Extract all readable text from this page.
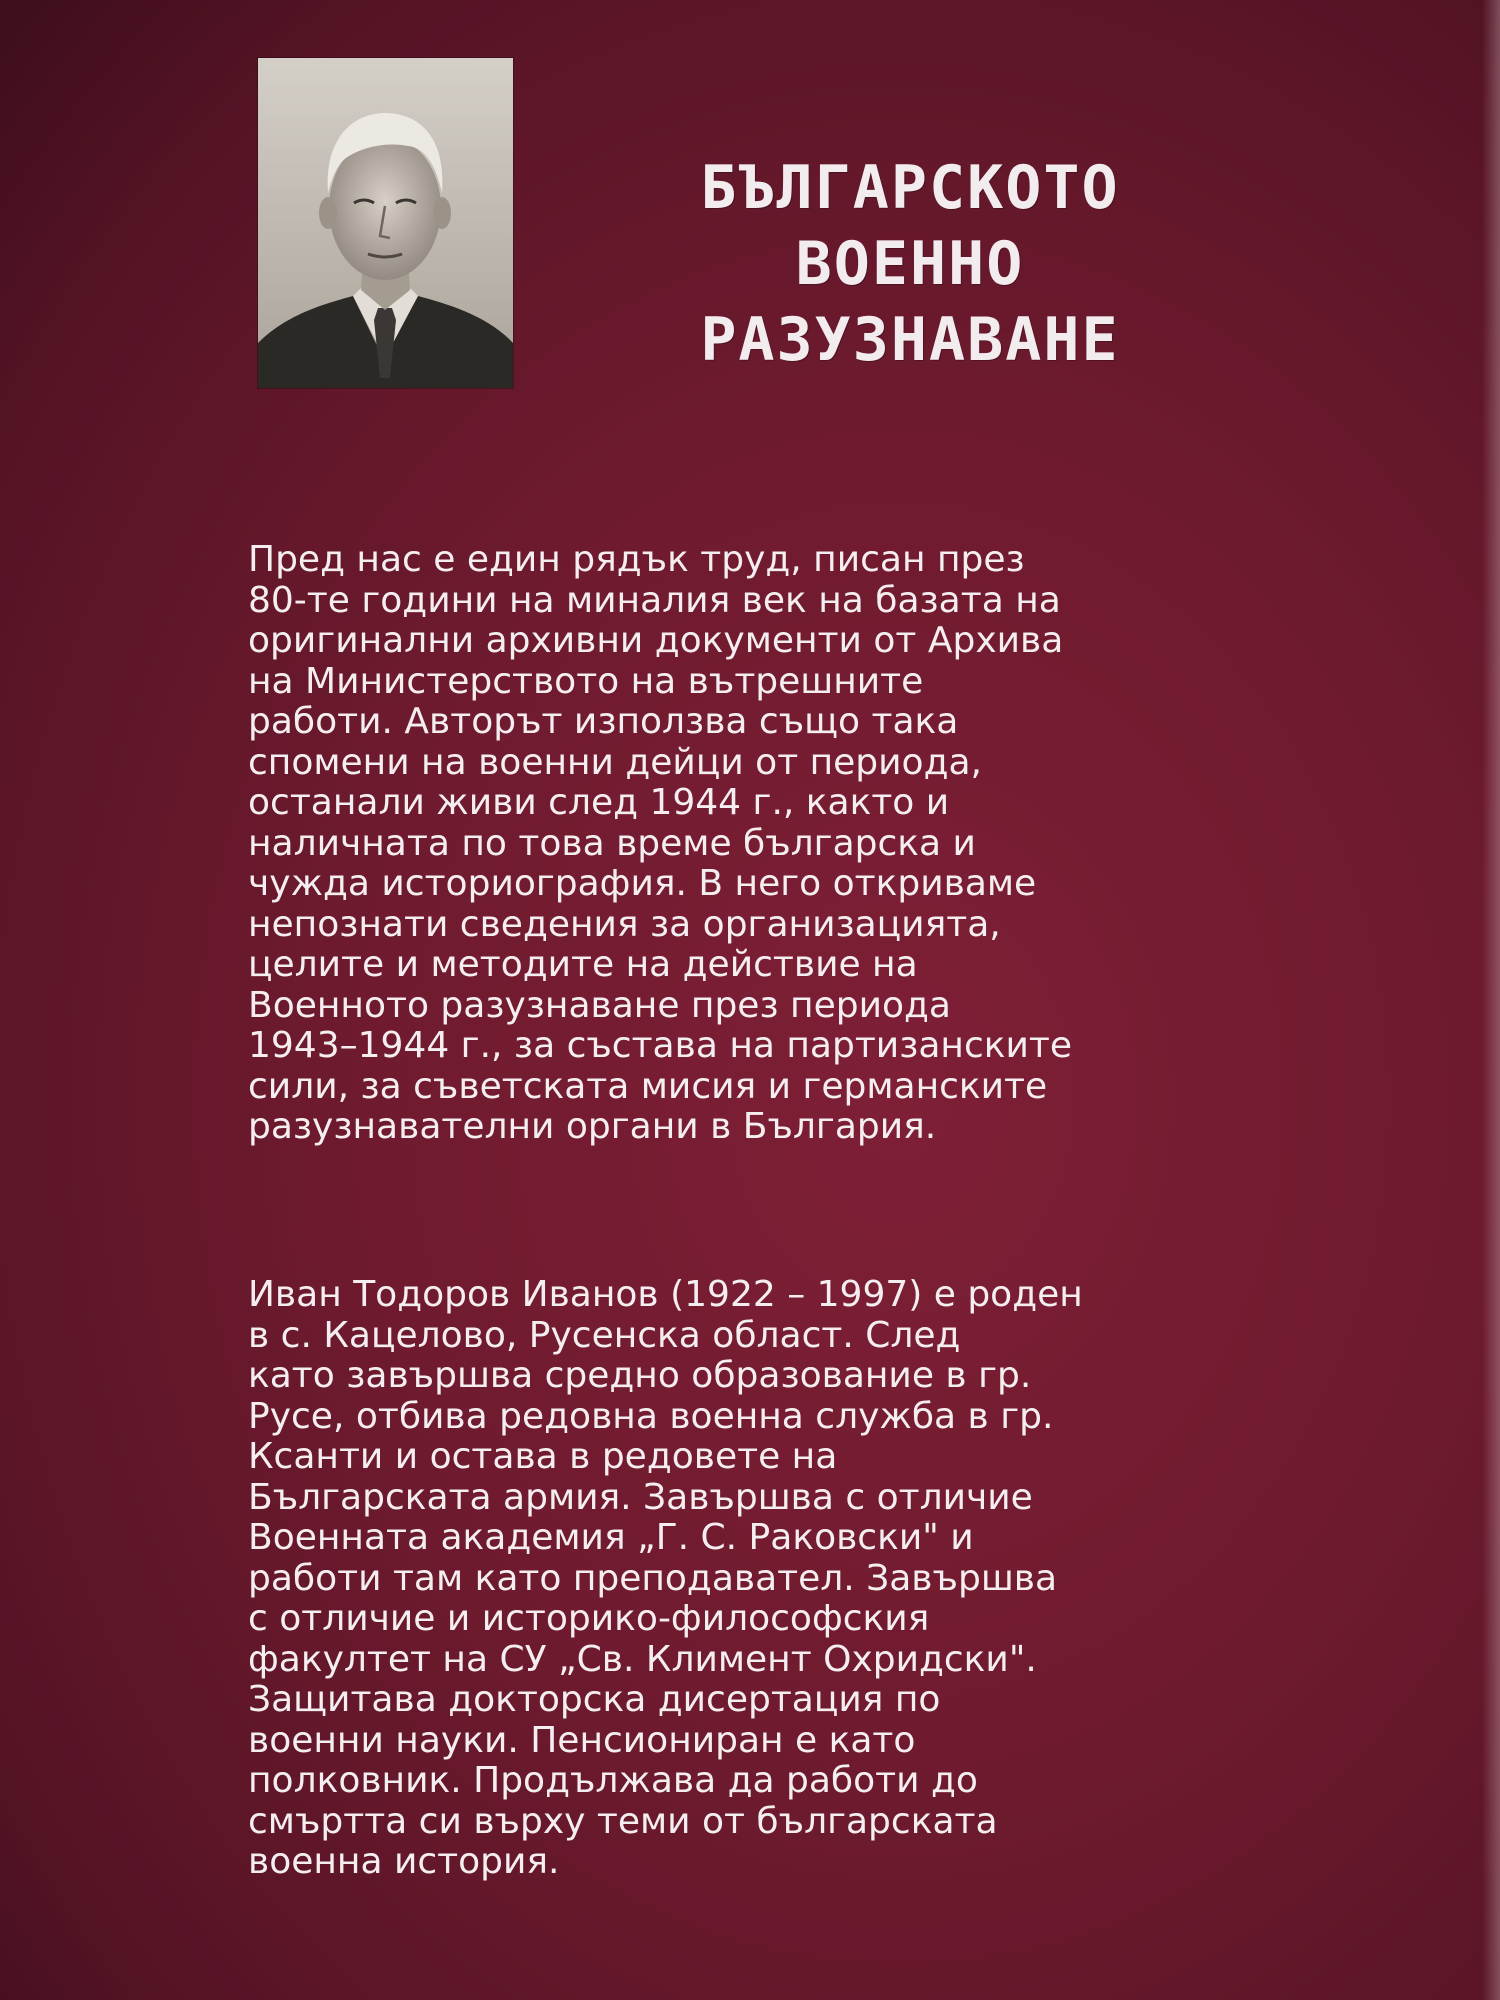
БЪЛГАРСКОТО
ВОЕННО
РАЗУЗНАВАНЕ
Пред нас е един рядък труд, писан през
80-те години на миналия век на базата на
оригинални архивни документи от Архива
на Министерството на вътрешните
работи. Авторът използва също така
спомени на военни дейци от периода,
останали живи след 1944 г., както и
наличната по това време българска и
чужда историография. В него откриваме
непознати сведения за организацията,
целите и методите на действие на
Военното разузнаване през периода
1943–1944 г., за състава на партизанските
сили, за съветската мисия и германските
разузнавателни органи в България.
Иван Тодоров Иванов (1922 – 1997) е роден
в с. Кацелово, Русенска област. След
като завършва средно образование в гр.
Русе, отбива редовна военна служба в гр.
Ксанти и остава в редовете на
Българската армия. Завършва с отличие
Военната академия „Г. С. Раковски" и
работи там като преподавател. Завършва
с отличие и историко-философския
факултет на СУ „Св. Климент Охридски".
Защитава докторска дисертация по
военни науки. Пенсиониран е като
полковник. Продължава да работи до
смъртта си върху теми от българската
военна история.
